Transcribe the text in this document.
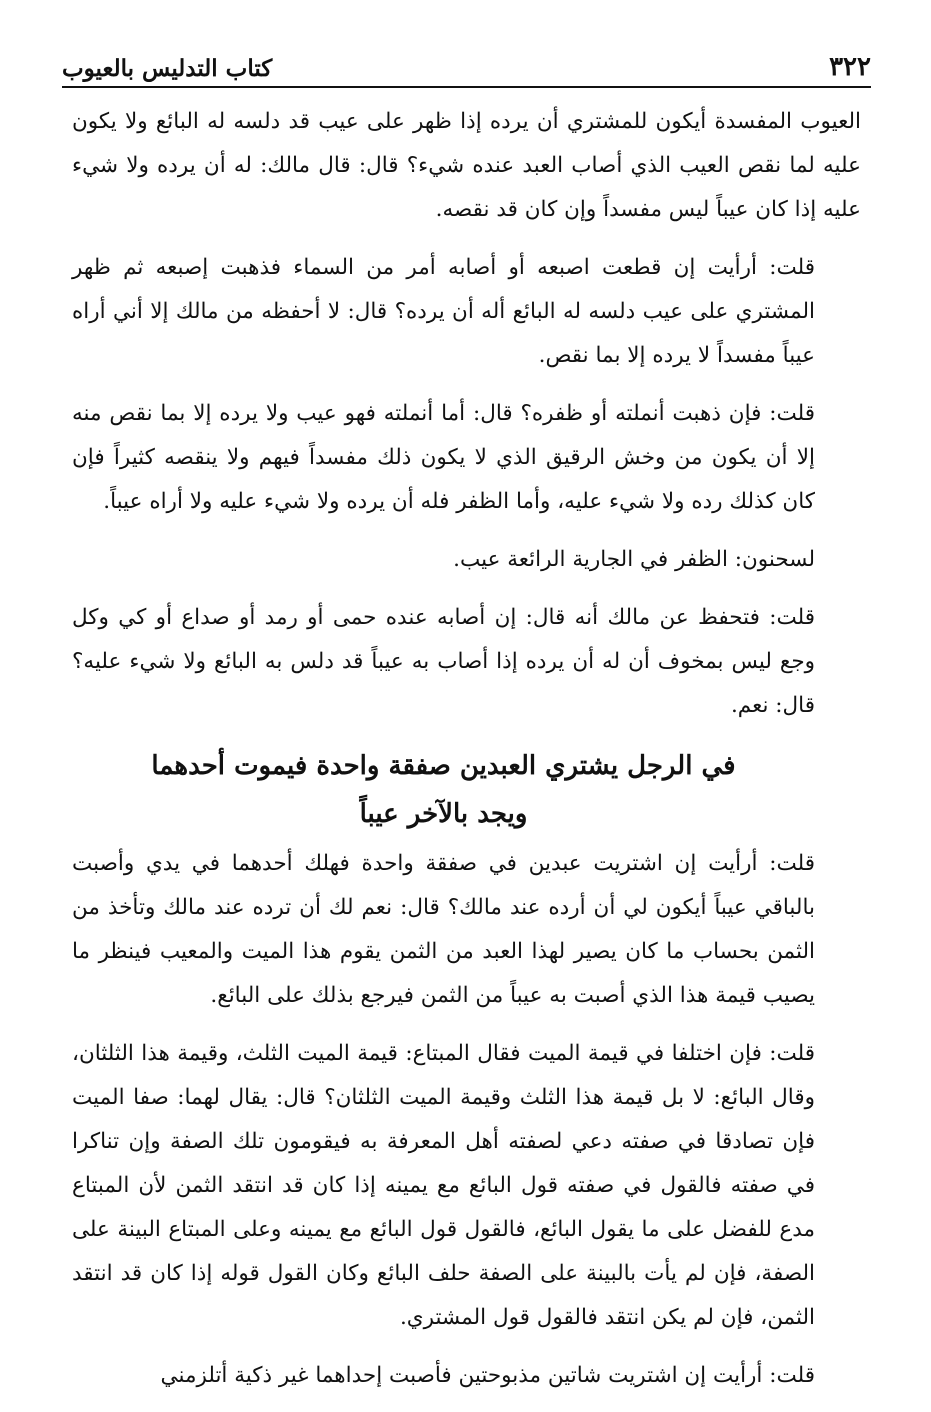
٣٢٢
كتاب التدليس بالعيوب

العيوب المفسدة أيكون للمشتري أن يرده إذا ظهر على عيب قد دلسه له البائع ولا يكون عليه لما نقص العيب الذي أصاب العبد عنده شيء؟ قال: قال مالك: له أن يرده ولا شيء عليه إذا كان عيباً ليس مفسداً وإن كان قد نقصه.

قلت: أرأيت إن قطعت اصبعه أو أصابه أمر من السماء فذهبت إصبعه ثم ظهر المشتري على عيب دلسه له البائع أله أن يرده؟ قال: لا أحفظه من مالك إلا أني أراه عيباً مفسداً لا يرده إلا بما نقص.

قلت: فإن ذهبت أنملته أو ظفره؟ قال: أما أنملته فهو عيب ولا يرده إلا بما نقص منه إلا أن يكون من وخش الرقيق الذي لا يكون ذلك مفسداً فيهم ولا ينقصه كثيراً فإن كان كذلك رده ولا شيء عليه، وأما الظفر فله أن يرده ولا شيء عليه ولا أراه عيباً.

لسحنون: الظفر في الجارية الرائعة عيب.

قلت: فتحفظ عن مالك أنه قال: إن أصابه عنده حمى أو رمد أو صداع أو كي وكل وجع ليس بمخوف أن له أن يرده إذا أصاب به عيباً قد دلس به البائع ولا شيء عليه؟ قال: نعم.

في الرجل يشتري العبدين صفقة واحدة فيموت أحدهما
ويجد بالآخر عيباً

قلت: أرأيت إن اشتريت عبدين في صفقة واحدة فهلك أحدهما في يدي وأصبت بالباقي عيباً أيكون لي أن أرده عند مالك؟ قال: نعم لك أن ترده عند مالك وتأخذ من الثمن بحساب ما كان يصير لهذا العبد من الثمن يقوم هذا الميت والمعيب فينظر ما يصيب قيمة هذا الذي أصبت به عيباً من الثمن فيرجع بذلك على البائع.

قلت: فإن اختلفا في قيمة الميت فقال المبتاع: قيمة الميت الثلث، وقيمة هذا الثلثان، وقال البائع: لا بل قيمة هذا الثلث وقيمة الميت الثلثان؟ قال: يقال لهما: صفا الميت فإن تصادقا في صفته دعي لصفته أهل المعرفة به فيقومون تلك الصفة وإن تناكرا في صفته فالقول في صفته قول البائع مع يمينه إذا كان قد انتقد الثمن لأن المبتاع مدع للفضل على ما يقول البائع، فالقول قول البائع مع يمينه وعلى المبتاع البينة على الصفة، فإن لم يأت بالبينة على الصفة حلف البائع وكان القول قوله إذا كان قد انتقد الثمن، فإن لم يكن انتقد فالقول قول المشتري.

قلت: أرأيت إن اشتريت شاتين مذبوحتين فأصبت إحداهما غير ذكية أتلزمني
